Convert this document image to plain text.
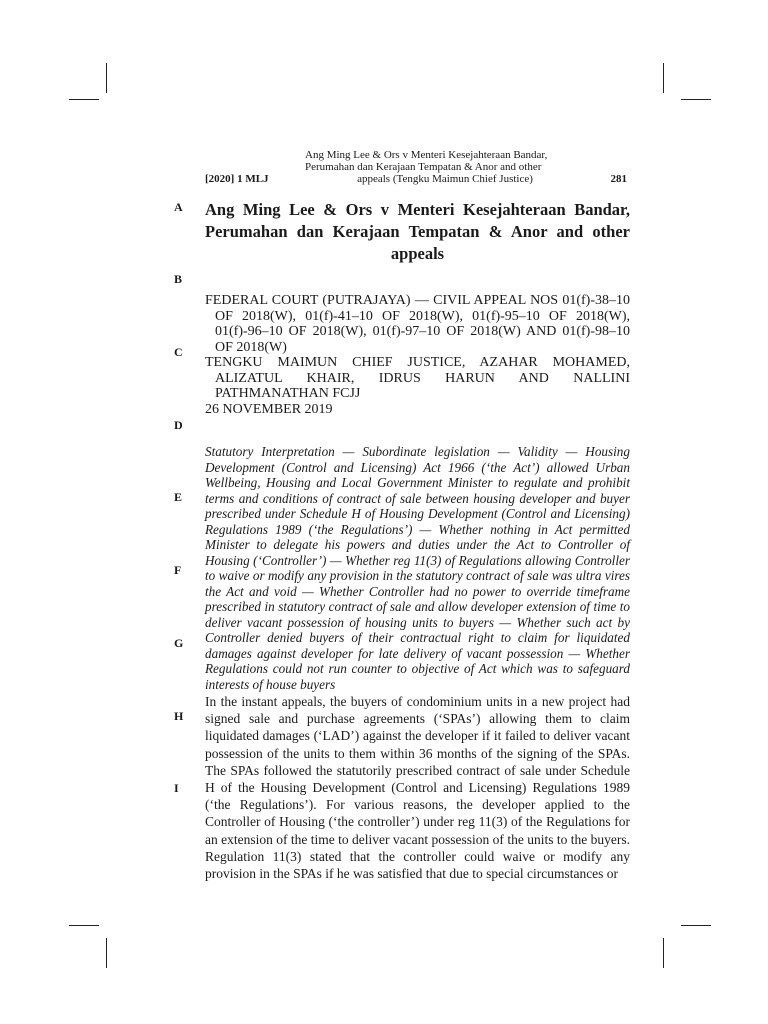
[2020] 1 MLJ
Ang Ming Lee & Ors v Menteri Kesejahteraan Bandar,
Perumahan dan Kerajaan Tempatan & Anor and other
appeals (Tengku Maimun Chief Justice)	281
A
B
C
D
E
F
G
H
I
Ang Ming Lee & Ors v Menteri Kesejahteraan Bandar, Perumahan dan Kerajaan Tempatan & Anor and other appeals

FEDERAL COURT (PUTRAJAYA) — CIVIL APPEAL NOS 01(f)-38–10 OF 2018(W), 01(f)-41–10 OF 2018(W), 01(f)-95–10 OF 2018(W), 01(f)-96–10 OF 2018(W), 01(f)-97–10 OF 2018(W) AND 01(f)-98–10 OF 2018(W)

TENGKU MAIMUN CHIEF JUSTICE, AZAHAR MOHAMED, ALIZATUL KHAIR, IDRUS HARUN AND NALLINI PATHMANATHAN FCJJ

26 NOVEMBER 2019

Statutory Interpretation — Subordinate legislation — Validity — Housing Development (Control and Licensing) Act 1966 (‘the Act’) allowed Urban Wellbeing, Housing and Local Government Minister to regulate and prohibit terms and conditions of contract of sale between housing developer and buyer prescribed under Schedule H of Housing Development (Control and Licensing) Regulations 1989 (‘the Regulations’) — Whether nothing in Act permitted Minister to delegate his powers and duties under the Act to Controller of Housing (‘Controller’) — Whether reg 11(3) of Regulations allowing Controller to waive or modify any provision in the statutory contract of sale was ultra vires the Act and void — Whether Controller had no power to override timeframe prescribed in statutory contract of sale and allow developer extension of time to deliver vacant possession of housing units to buyers — Whether such act by Controller denied buyers of their contractual right to claim for liquidated damages against developer for late delivery of vacant possession — Whether Regulations could not run counter to objective of Act which was to safeguard interests of house buyers

In the instant appeals, the buyers of condominium units in a new project had signed sale and purchase agreements (‘SPAs’) allowing them to claim liquidated damages (‘LAD’) against the developer if it failed to deliver vacant possession of the units to them within 36 months of the signing of the SPAs. The SPAs followed the statutorily prescribed contract of sale under Schedule H of the Housing Development (Control and Licensing) Regulations 1989 (‘the Regulations’). For various reasons, the developer applied to the Controller of Housing (‘the controller’) under reg 11(3) of the Regulations for an extension of the time to deliver vacant possession of the units to the buyers. Regulation 11(3) stated that the controller could waive or modify any provision in the SPAs if he was satisfied that due to special circumstances or
